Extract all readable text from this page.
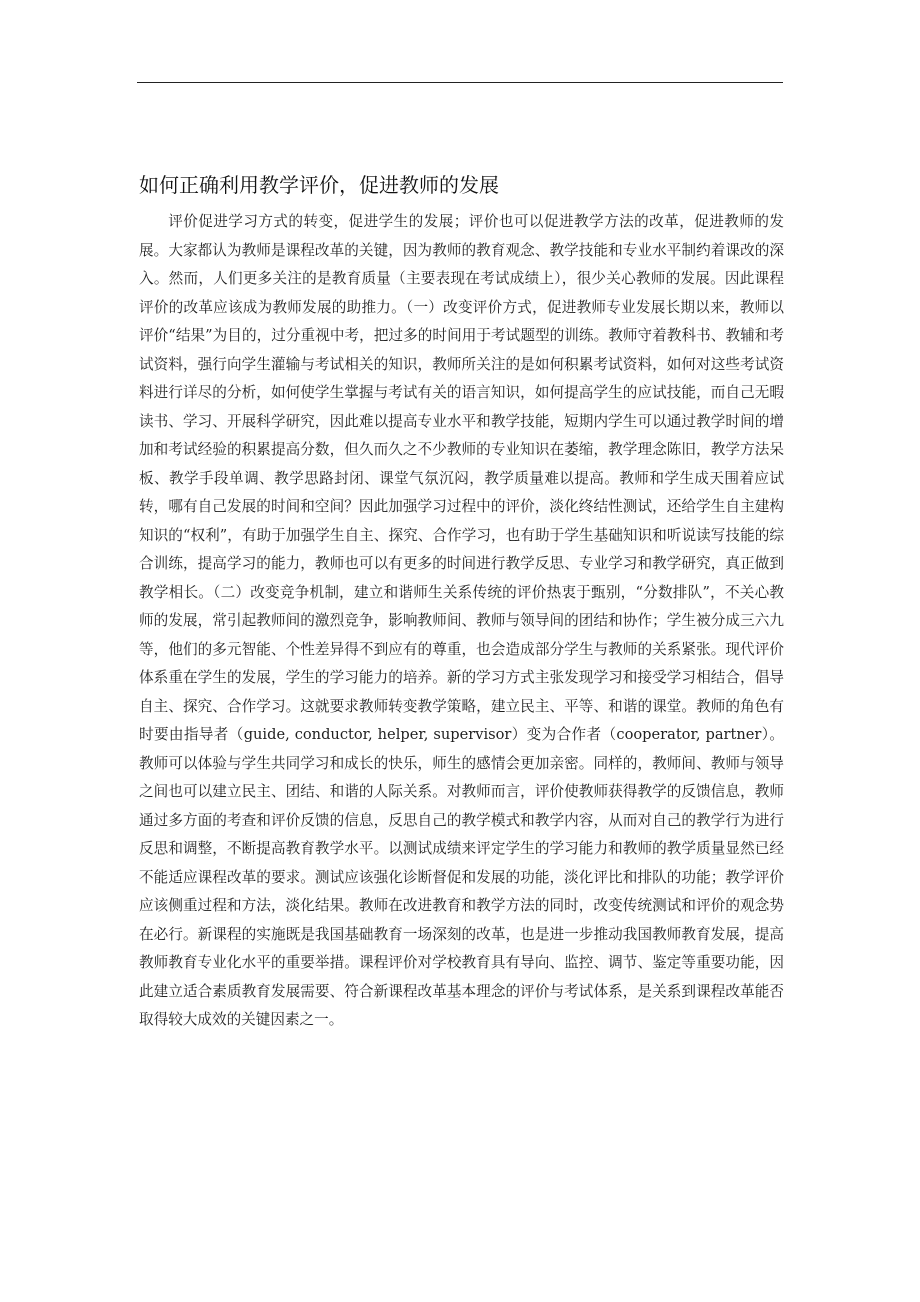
如何正确利用教学评价，促进教师的发展

评价促进学习方式的转变，促进学生的发展；评价也可以促进教学方法的改革，促进教师的发展。大家都认为教师是课程改革的关键，因为教师的教育观念、教学技能和专业水平制约着课改的深入。然而，人们更多关注的是教育质量（主要表现在考试成绩上），很少关心教师的发展。因此课程评价的改革应该成为教师发展的助推力。（一）改变评价方式，促进教师专业发展长期以来，教师以评价“结果”为目的，过分重视中考，把过多的时间用于考试题型的训练。教师守着教科书、教辅和考试资料，强行向学生灌输与考试相关的知识，教师所关注的是如何积累考试资料，如何对这些考试资料进行详尽的分析，如何使学生掌握与考试有关的语言知识，如何提高学生的应试技能，而自己无暇读书、学习、开展科学研究，因此难以提高专业水平和教学技能，短期内学生可以通过教学时间的增加和考试经验的积累提高分数，但久而久之不少教师的专业知识在萎缩，教学理念陈旧，教学方法呆板、教学手段单调、教学思路封闭、课堂气氛沉闷，教学质量难以提高。教师和学生成天围着应试转，哪有自己发展的时间和空间？因此加强学习过程中的评价，淡化终结性测试，还给学生自主建构知识的“权利”，有助于加强学生自主、探究、合作学习，也有助于学生基础知识和听说读写技能的综合训练，提高学习的能力，教师也可以有更多的时间进行教学反思、专业学习和教学研究，真正做到教学相长。（二）改变竞争机制，建立和谐师生关系传统的评价热衷于甄别，“分数排队”，不关心教师的发展，常引起教师间的激烈竞争，影响教师间、教师与领导间的团结和协作；学生被分成三六九等，他们的多元智能、个性差异得不到应有的尊重，也会造成部分学生与教师的关系紧张。现代评价体系重在学生的发展，学生的学习能力的培养。新的学习方式主张发现学习和接受学习相结合，倡导自主、探究、合作学习。这就要求教师转变教学策略，建立民主、平等、和谐的课堂。教师的角色有时要由指导者（guide, conductor, helper, supervisor）变为合作者（cooperator, partner）。教师可以体验与学生共同学习和成长的快乐，师生的感情会更加亲密。同样的，教师间、教师与领导之间也可以建立民主、团结、和谐的人际关系。对教师而言，评价使教师获得教学的反馈信息，教师通过多方面的考查和评价反馈的信息，反思自己的教学模式和教学内容，从而对自己的教学行为进行反思和调整，不断提高教育教学水平。以测试成绩来评定学生的学习能力和教师的教学质量显然已经不能适应课程改革的要求。测试应该强化诊断督促和发展的功能，淡化评比和排队的功能；教学评价应该侧重过程和方法，淡化结果。教师在改进教育和教学方法的同时，改变传统测试和评价的观念势在必行。新课程的实施既是我国基础教育一场深刻的改革，也是进一步推动我国教师教育发展，提高教师教育专业化水平的重要举措。课程评价对学校教育具有导向、监控、调节、鉴定等重要功能，因此建立适合素质教育发展需要、符合新课程改革基本理念的评价与考试体系，是关系到课程改革能否取得较大成效的关键因素之一。
